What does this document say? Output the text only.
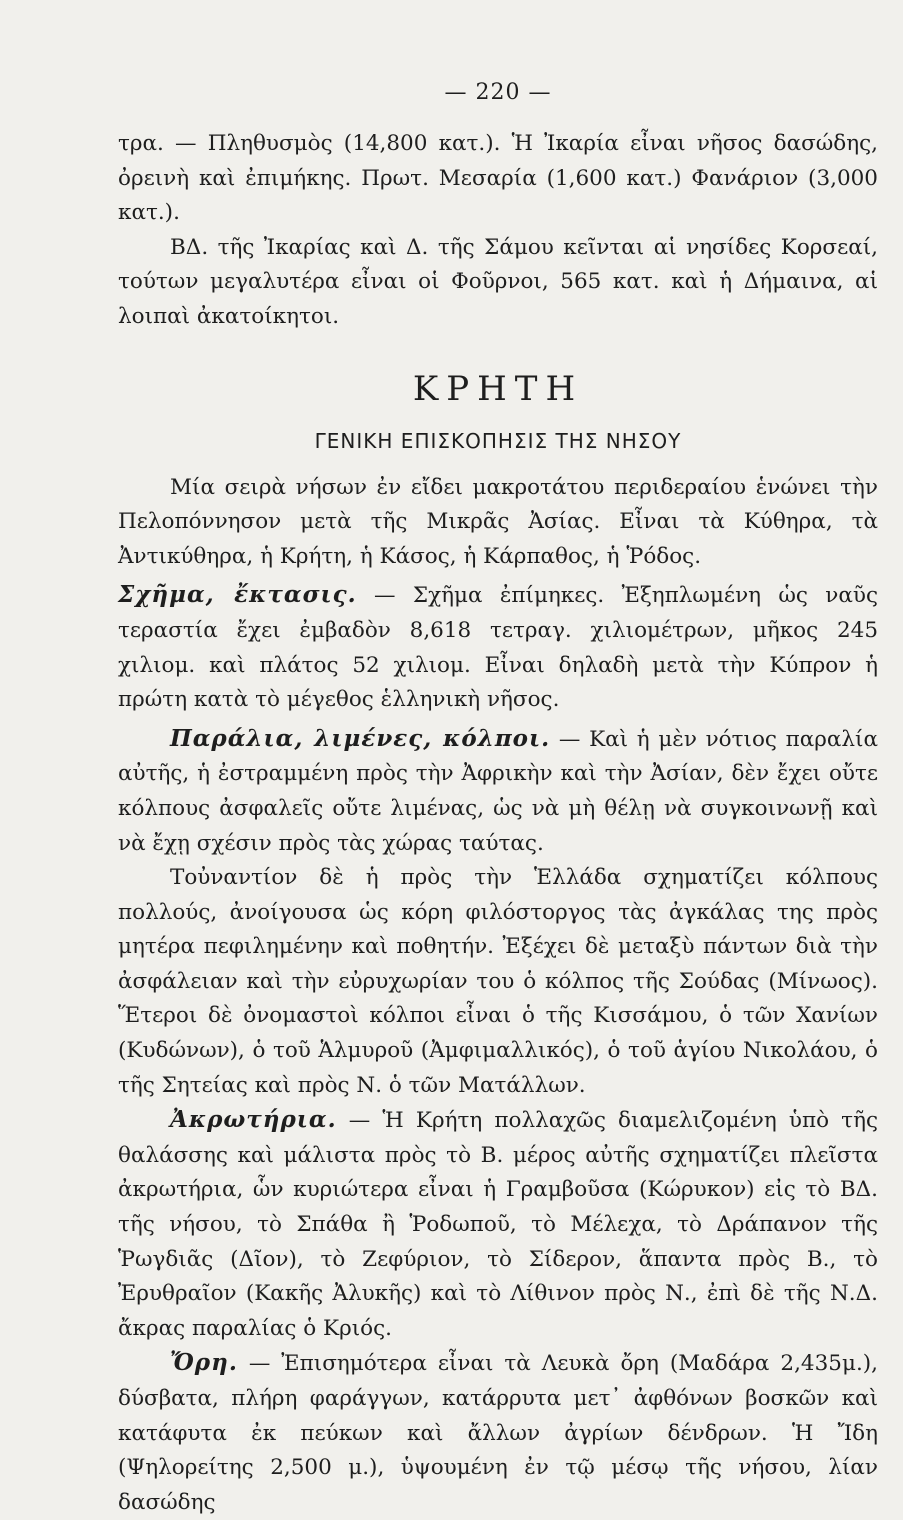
— 220 —

τρα. — Πληθυσμὸς (14,800 κατ.). Ἡ Ἰκαρία εἶναι νῆσος δασώδης, ὀρεινὴ καὶ ἐπιμήκης. Πρωτ. Μεσαρία (1,600 κατ.) Φανάριον (3,000 κατ.).

ΒΔ. τῆς Ἰκαρίας καὶ Δ. τῆς Σάμου κεῖνται αἱ νησίδες Κορσεαί, τούτων μεγαλυτέρα εἶναι οἱ Φοῦρνοι, 565 κατ. καὶ ἡ Δήμαινα, αἱ λοιπαὶ ἀκατοίκητοι.

ΚΡΗΤΗ
ΓΕΝΙΚΗ ΕΠΙΣΚΟΠΗΣΙΣ ΤΗΣ ΝΗΣΟΥ

Μία σειρὰ νήσων ἐν εἴδει μακροτάτου περιδεραίου ἑνώνει τὴν Πελοπόννησον μετὰ τῆς Μικρᾶς Ἀσίας. Εἶναι τὰ Κύθηρα, τὰ Ἀντικύθηρα, ἡ Κρήτη, ἡ Κάσος, ἡ Κάρπαθος, ἡ Ῥόδος.

Σχῆμα, ἔκτασις. — Σχῆμα ἐπίμηκες. Ἐξηπλωμένη ὡς ναῦς τεραστία ἔχει ἐμβαδὸν 8,618 τετραγ. χιλιομέτρων, μῆκος 245 χιλιομ. καὶ πλάτος 52 χιλιομ. Εἶναι δηλαδὴ μετὰ τὴν Κύπρον ἡ πρώτη κατὰ τὸ μέγεθος ἑλληνικὴ νῆσος.

Παράλια, λιμένες, κόλποι. — Καὶ ἡ μὲν νότιος παραλία αὐτῆς, ἡ ἐστραμμένη πρὸς τὴν Ἀφρικὴν καὶ τὴν Ἀσίαν, δὲν ἔχει οὔτε κόλπους ἀσφαλεῖς οὔτε λιμένας, ὡς νὰ μὴ θέλῃ νὰ συγκοινωνῇ καὶ νὰ ἔχῃ σχέσιν πρὸς τὰς χώρας ταύτας.

Τοὐναντίον δὲ ἡ πρὸς τὴν Ἑλλάδα σχηματίζει κόλπους πολλούς, ἀνοίγουσα ὡς κόρη φιλόστοργος τὰς ἀγκάλας της πρὸς μητέρα πεφιλημένην καὶ ποθητήν. Ἐξέχει δὲ μεταξὺ πάντων διὰ τὴν ἀσφάλειαν καὶ τὴν εὐρυχωρίαν του ὁ κόλπος τῆς Σούδας (Μίνωος). Ἕτεροι δὲ ὀνομαστοὶ κόλποι εἶναι ὁ τῆς Κισσάμου, ὁ τῶν Χανίων (Κυδώνων), ὁ τοῦ Ἁλμυροῦ (Ἀμφιμαλλικός), ὁ τοῦ ἁγίου Νικολάου, ὁ τῆς Σητείας καὶ πρὸς Ν. ὁ τῶν Ματάλλων.

Ἀκρωτήρια. — Ἡ Κρήτη πολλαχῶς διαμελιζομένη ὑπὸ τῆς θαλάσσης καὶ μάλιστα πρὸς τὸ Β. μέρος αὐτῆς σχηματίζει πλεῖστα ἀκρωτήρια, ὧν κυριώτερα εἶναι ἡ Γραμβοῦσα (Κώρυκον) εἰς τὸ ΒΔ. τῆς νήσου, τὸ Σπάθα ἢ Ῥοδωποῦ, τὸ Μέλεχα, τὸ Δράπανον τῆς Ῥωγδιᾶς (Δῖον), τὸ Ζεφύριον, τὸ Σίδερον, ἅπαντα πρὸς Β., τὸ Ἐρυθραῖον (Κακῆς Ἀλυκῆς) καὶ τὸ Λίθινον πρὸς Ν., ἐπὶ δὲ τῆς Ν.Δ. ἄκρας παραλίας ὁ Κριός.

Ὄρη. — Ἐπισημότερα εἶναι τὰ Λευκὰ ὄρη (Μαδάρα 2,435μ.), δύσβατα, πλήρη φαράγγων, κατάρρυτα μετ᾽ ἀφθόνων βοσκῶν καὶ κατάφυτα ἐκ πεύκων καὶ ἄλλων ἀγρίων δένδρων. Ἡ Ἴδη (Ψηλορείτης 2,500 μ.), ὑψουμένη ἐν τῷ μέσῳ τῆς νήσου, λίαν δασώδης
